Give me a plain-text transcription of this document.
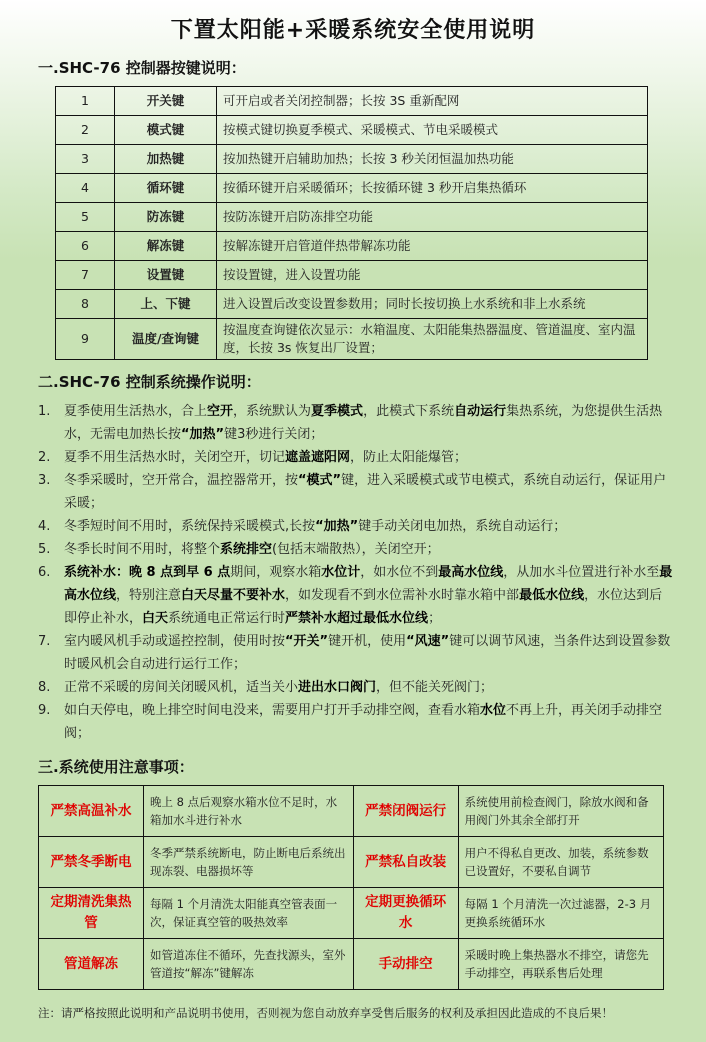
下置太阳能+采暖系统安全使用说明
一.SHC-76 控制器按键说明：
1	开关键	可开启或者关闭控制器；长按 3S 重新配网
2	模式键	按模式键切换夏季模式、采暖模式、节电采暖模式
3	加热键	按加热键开启辅助加热；长按 3 秒关闭恒温加热功能
4	循环键	按循环键开启采暖循环；长按循环键 3 秒开启集热循环
5	防冻键	按防冻键开启防冻排空功能
6	解冻键	按解冻键开启管道伴热带解冻功能
7	设置键	按设置键，进入设置功能
8	上、下键	进入设置后改变设置参数用；同时长按切换上水系统和非上水系统
9	温度/查询键	按温度查询键依次显示：水箱温度、太阳能集热器温度、管道温度、室内温度，长按 3s 恢复出厂设置；
二.SHC-76 控制系统操作说明：
1. 夏季使用生活热水，合上空开，系统默认为夏季模式，此模式下系统自动运行集热系统，为您提供生活热水，无需电加热长按“加热”键3秒进行关闭；
2. 夏季不用生活热水时，关闭空开，切记遮盖遮阳网，防止太阳能爆管；
3. 冬季采暖时，空开常合，温控器常开，按“模式”键，进入采暖模式或节电模式，系统自动运行，保证用户采暖；
4. 冬季短时间不用时，系统保持采暖模式,长按“加热”键手动关闭电加热，系统自动运行；
5. 冬季长时间不用时，将整个系统排空(包括末端散热），关闭空开；
6. 系统补水：晚 8 点到早 6 点期间，观察水箱水位计，如水位不到最高水位线，从加水斗位置进行补水至最高水位线，特别注意白天尽量不要补水，如发现看不到水位需补水时靠水箱中部最低水位线，水位达到后即停止补水，白天系统通电正常运行时严禁补水超过最低水位线；
7. 室内暖风机手动或遥控控制，使用时按“开关”键开机，使用“风速”键可以调节风速，当条件达到设置参数时暖风机会自动进行运行工作；
8. 正常不采暖的房间关闭暖风机，适当关小进出水口阀门，但不能关死阀门；
9. 如白天停电，晚上排空时间电没来，需要用户打开手动排空阀，查看水箱水位不再上升，再关闭手动排空阀；
三.系统使用注意事项：
严禁高温补水	晚上 8 点后观察水箱水位不足时，水箱加水斗进行补水	严禁闭阀运行	系统使用前检查阀门，除放水阀和备用阀门外其余全部打开
严禁冬季断电	冬季严禁系统断电，防止断电后系统出现冻裂、电器损坏等	严禁私自改装	用户不得私自更改、加装，系统参数已设置好，不要私自调节
定期清洗集热管	每隔 1 个月清洗太阳能真空管表面一次，保证真空管的吸热效率	定期更换循环水	每隔 1 个月清洗一次过滤器，2-3 月更换系统循环水
管道解冻	如管道冻住不循环，先查找源头，室外管道按“解冻”键解冻	手动排空	采暖时晚上集热器水不排空，请您先手动排空，再联系售后处理
注：请严格按照此说明和产品说明书使用，否则视为您自动放弃享受售后服务的权利及承担因此造成的不良后果！
